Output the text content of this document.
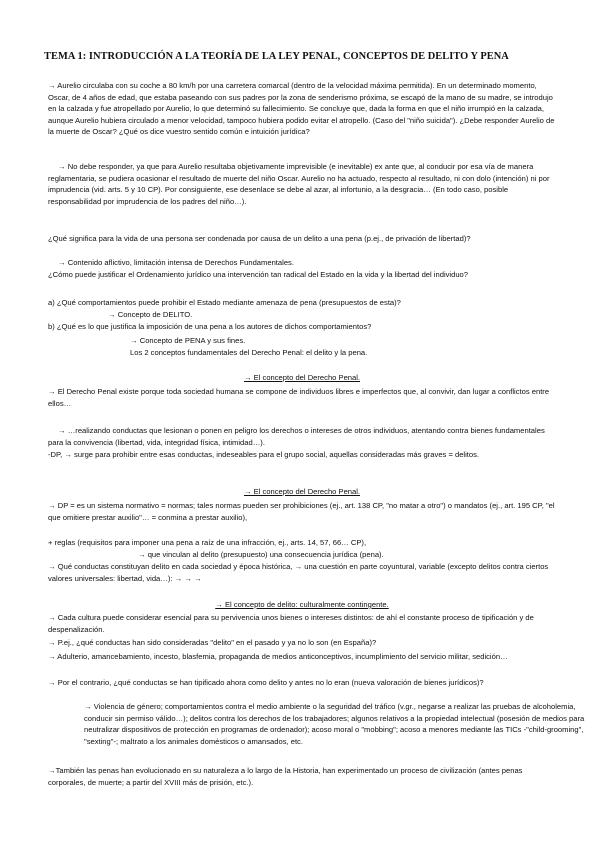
TEMA 1: INTRODUCCIÓN A LA TEORÍA DE LA LEY PENAL, CONCEPTOS DE DELITO Y PENA

→ Aurelio circulaba con su coche a 80 km/h por una carretera comarcal (dentro de la velocidad máxima permitida). En un determinado momento, Oscar, de 4 años de edad, que estaba paseando con sus padres por la zona de senderismo próxima, se escapó de la mano de su madre, se introdujo en la calzada y fue atropellado por Aurelio, lo que determinó su fallecimiento. Se concluye que, dada la forma en que el niño irrumpió en la calzada, aunque Aurelio hubiera circulado a menor velocidad, tampoco hubiera podido evitar el atropello. (Caso del "niño suicida"). ¿Debe responder Aurelio de la muerte de Oscar? ¿Qué os dice vuestro sentido común e intuición jurídica?

→ No debe responder, ya que para Aurelio resultaba objetivamente imprevisible (e inevitable) ex ante que, al conducir por esa vía de manera reglamentaria, se pudiera ocasionar el resultado de muerte del niño Oscar. Aurelio no ha actuado, respecto al resultado, ni con dolo (intención) ni por imprudencia (vid. arts. 5 y 10 CP). Por consiguiente, ese desenlace se debe al azar, al infortunio, a la desgracia… (En todo caso, posible responsabilidad por imprudencia de los padres del niño…).

¿Qué significa para la vida de una persona ser condenada por causa de un delito a una pena (p.ej., de privación de libertad)?

→ Contenido aflictivo, limitación intensa de Derechos Fundamentales.

¿Cómo puede justificar el Ordenamiento jurídico una intervención tan radical del Estado en la vida y la libertad del individuo?

a) ¿Qué comportamientos puede prohibir el Estado mediante amenaza de pena (presupuestos de esta)?

→ Concepto de DELITO.

b) ¿Qué es lo que justifica la imposición de una pena a los autores de dichos comportamientos?

→ Concepto de PENA y sus fines.

Los 2 conceptos fundamentales del Derecho Penal: el delito y la pena.

→ El concepto del Derecho Penal.

→ El Derecho Penal existe porque toda sociedad humana se compone de individuos libres e imperfectos que, al convivir, dan lugar a conflictos entre ellos…

→ …realizando conductas que lesionan o ponen en peligro los derechos o intereses de otros individuos, atentando contra bienes fundamentales para la convivencia (libertad, vida, integridad física, intimidad…).

-DP, → surge para prohibir entre esas conductas, indeseables para el grupo social, aquellas consideradas más graves = delitos.

→ El concepto del Derecho Penal.

→ DP = es un sistema normativo = normas; tales normas pueden ser prohibiciones (ej., art. 138 CP, "no matar a otro") o mandatos (ej., art. 195 CP, "el que omitiere prestar auxilio"… = conmina a prestar auxilio),

+ reglas (requisitos para imponer una pena a raíz de una infracción, ej., arts. 14, 57, 66… CP),

→ que vinculan al delito (presupuesto) una consecuencia jurídica (pena).

→ Qué conductas constituyan delito en cada sociedad y época histórica, → una cuestión en parte coyuntural, variable (excepto delitos contra ciertos valores universales: libertad, vida…): → → →

→ El concepto de delito: culturalmente contingente.

→ Cada cultura puede considerar esencial para su pervivencia unos bienes o intereses distintos: de ahí el constante proceso de tipificación y de despenalización.

→ P.ej., ¿qué conductas han sido consideradas "delito" en el pasado y ya no lo son (en España)?

→ Adulterio, amancebamiento, incesto, blasfemia, propaganda de medios anticonceptivos, incumplimiento del servicio militar, sedición…

→ Por el contrario, ¿qué conductas se han tipificado ahora como delito y antes no lo eran (nueva valoración de bienes jurídicos)?

→ Violencia de género; comportamientos contra el medio ambiente o la seguridad del tráfico (v.gr., negarse a realizar las pruebas de alcoholemia, conducir sin permiso válido…); delitos contra los derechos de los trabajadores; algunos relativos a la propiedad intelectual (posesión de medios para neutralizar dispositivos de protección en programas de ordenador); acoso moral o "mobbing"; acoso a menores mediante las TICs -"child-grooming", "sexting"-; maltrato a los animales domésticos o amansados, etc.

→También las penas han evolucionado en su naturaleza a lo largo de la Historia, han experimentado un proceso de civilización (antes penas corporales, de muerte; a partir del XVIII más de prisión, etc.).
